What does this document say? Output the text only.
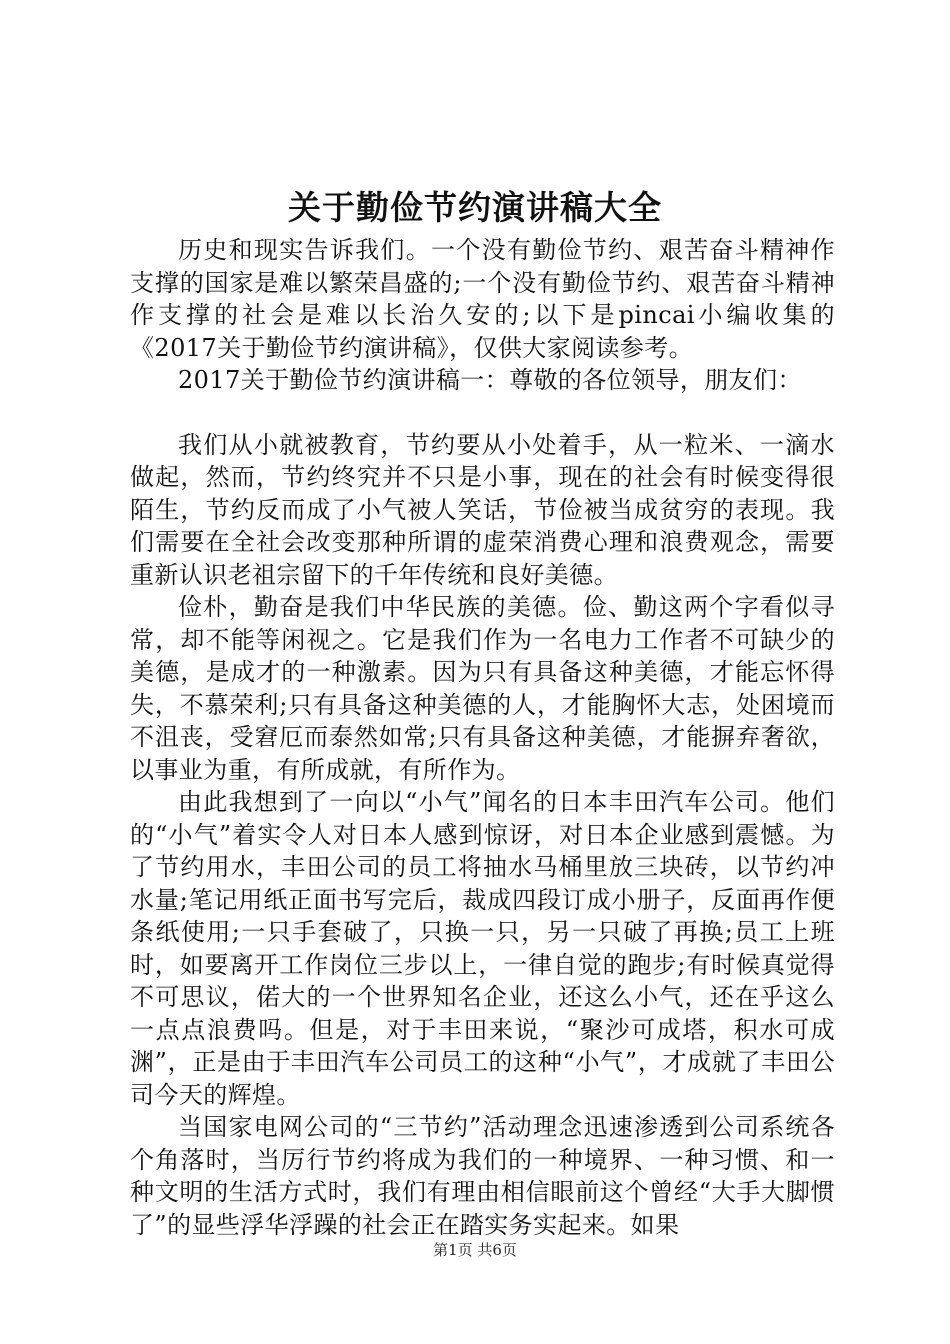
关于勤俭节约演讲稿大全

历史和现实告诉我们。一个没有勤俭节约、艰苦奋斗精神作支撑的国家是难以繁荣昌盛的;一个没有勤俭节约、艰苦奋斗精神作支撑的社会是难以长治久安的;以下是pincai小编收集的《2017关于勤俭节约演讲稿》，仅供大家阅读参考。

2017关于勤俭节约演讲稿一：尊敬的各位领导，朋友们：

我们从小就被教育，节约要从小处着手，从一粒米、一滴水做起，然而，节约终究并不只是小事，现在的社会有时候变得很陌生，节约反而成了小气被人笑话，节俭被当成贫穷的表现。我们需要在全社会改变那种所谓的虚荣消费心理和浪费观念，需要重新认识老祖宗留下的千年传统和良好美德。

俭朴，勤奋是我们中华民族的美德。俭、勤这两个字看似寻常，却不能等闲视之。它是我们作为一名电力工作者不可缺少的美德，是成才的一种激素。因为只有具备这种美德，才能忘怀得失，不慕荣利;只有具备这种美德的人，才能胸怀大志，处困境而不沮丧，受窘厄而泰然如常;只有具备这种美德，才能摒弃奢欲，以事业为重，有所成就，有所作为。

由此我想到了一向以“小气”闻名的日本丰田汽车公司。他们的“小气”着实令人对日本人感到惊讶，对日本企业感到震憾。为了节约用水，丰田公司的员工将抽水马桶里放三块砖，以节约冲水量;笔记用纸正面书写完后，裁成四段订成小册子，反面再作便条纸使用;一只手套破了，只换一只，另一只破了再换;员工上班时，如要离开工作岗位三步以上，一律自觉的跑步;有时候真觉得不可思议，偌大的一个世界知名企业，还这么小气，还在乎这么一点点浪费吗。但是，对于丰田来说，“聚沙可成塔，积水可成渊”，正是由于丰田汽车公司员工的这种“小气”，才成就了丰田公司今天的辉煌。

当国家电网公司的“三节约”活动理念迅速渗透到公司系统各个角落时，当厉行节约将成为我们的一种境界、一种习惯、和一种文明的生活方式时，我们有理由相信眼前这个曾经“大手大脚惯了”的显些浮华浮躁的社会正在踏实务实起来。如果

第1页 共6页
